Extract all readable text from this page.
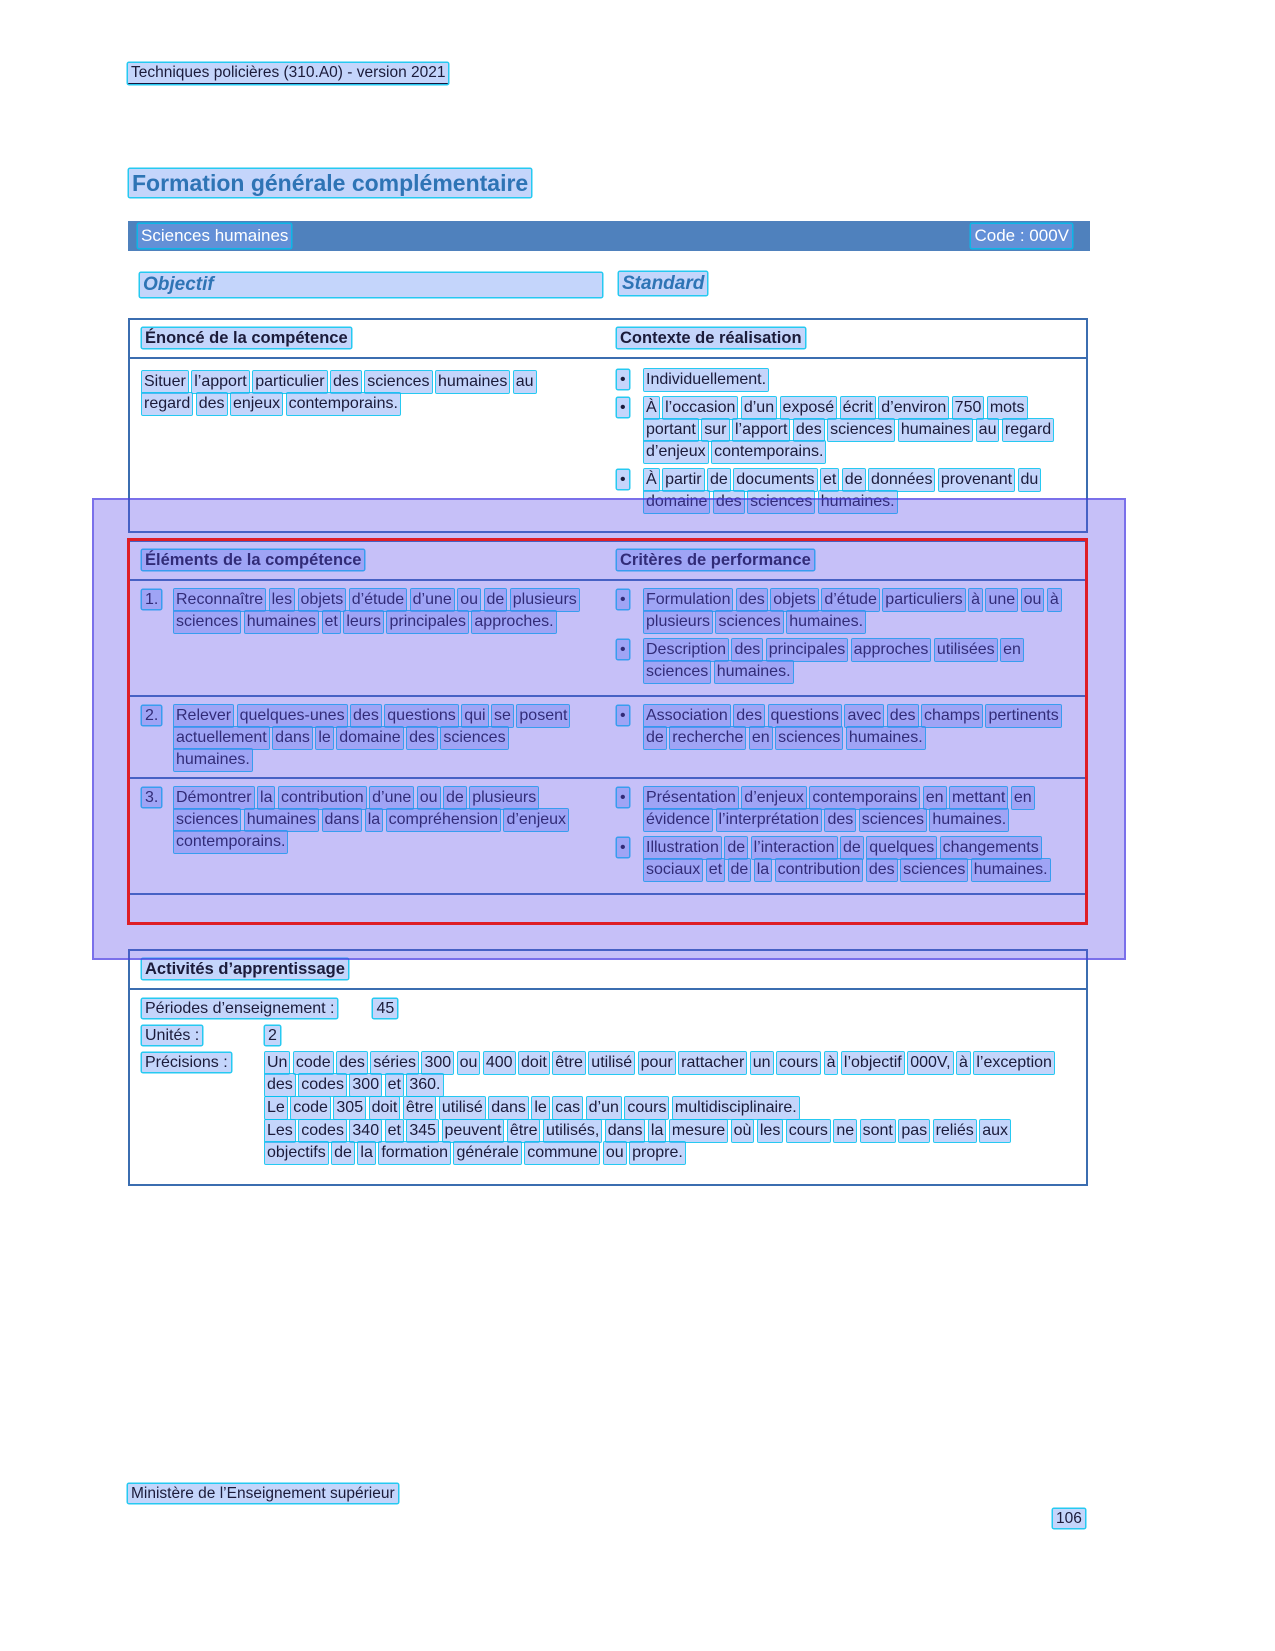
Techniques policières (310.A0) - version 2021
Formation générale complémentaire
Sciences humaines	Code : 000V
Objectif	Standard
Énoncé de la compétence	Contexte de réalisation
Situer l’apport particulier des sciences humaines au regard des enjeux contemporains.
•	Individuellement.
•	À l’occasion d’un exposé écrit d’environ 750 mots portant sur l’apport des sciences humaines au regard d’enjeux contemporains.
•	À partir de documents et de données provenant du domaine des sciences humaines.
Éléments de la compétence	Critères de performance
1.	Reconnaître les objets d’étude d’une ou de plusieurs sciences humaines et leurs principales approches.
•	Formulation des objets d’étude particuliers à une ou à plusieurs sciences humaines.
•	Description des principales approches utilisées en sciences humaines.
2.	Relever quelques-unes des questions qui se posent actuellement dans le domaine des sciences humaines.
•	Association des questions avec des champs pertinents de recherche en sciences humaines.
3.	Démontrer la contribution d’une ou de plusieurs sciences humaines dans la compréhension d’enjeux contemporains.
•	Présentation d’enjeux contemporains en mettant en évidence l’interprétation des sciences humaines.
•	Illustration de l’interaction de quelques changements sociaux et de la contribution des sciences humaines.
Activités d’apprentissage
Périodes d’enseignement :	45
Unités :	2
Précisions :	Un code des séries 300 ou 400 doit être utilisé pour rattacher un cours à l’objectif 000V, à l’exception des codes 300 et 360.
Le code 305 doit être utilisé dans le cas d’un cours multidisciplinaire.
Les codes 340 et 345 peuvent être utilisés, dans la mesure où les cours ne sont pas reliés aux objectifs de la formation générale commune ou propre.
Ministère de l’Enseignement supérieur
106
